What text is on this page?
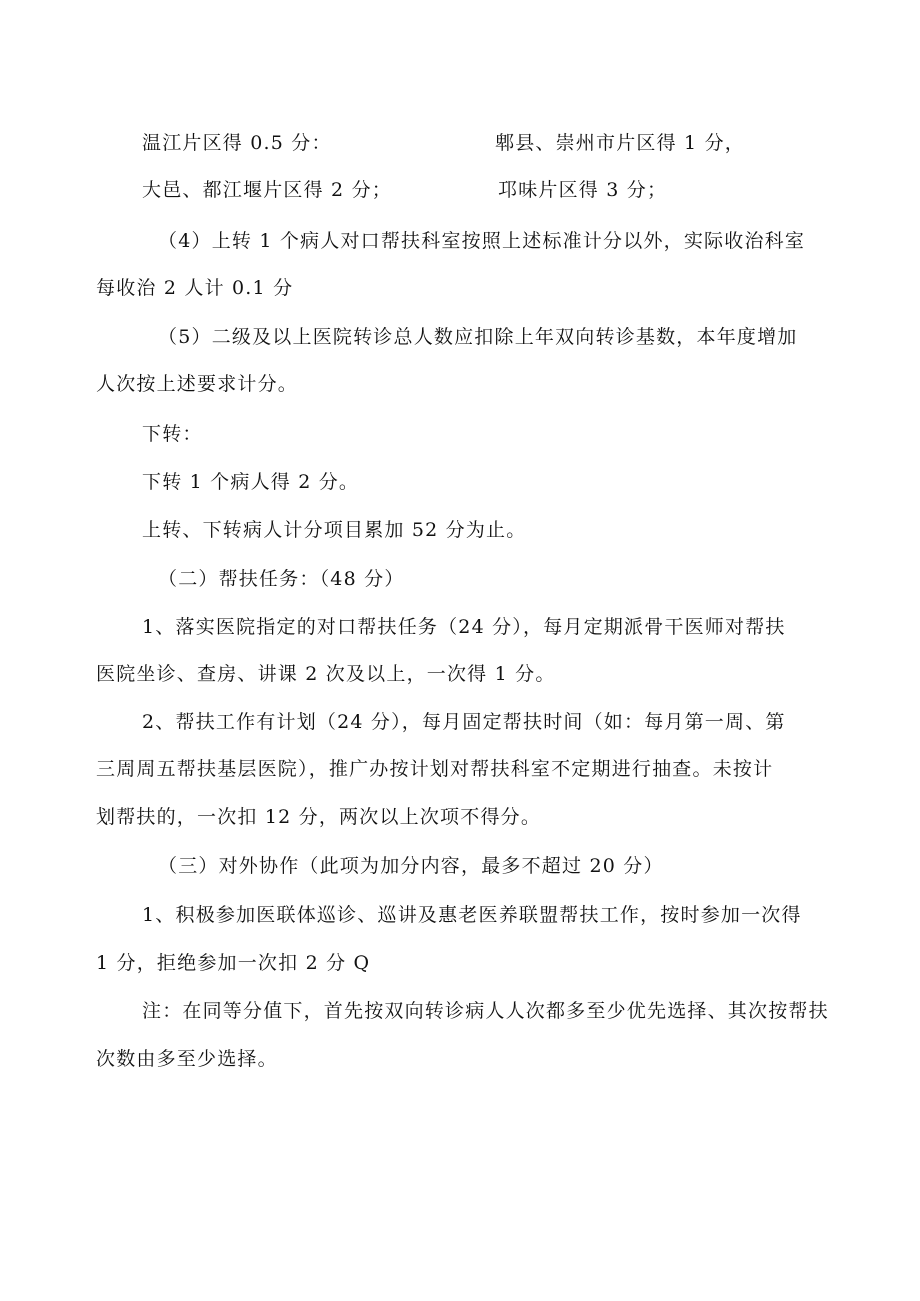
温江片区得 0.5 分：	郫县、崇州市片区得 1 分，
大邑、都江堰片区得 2 分；	邛味片区得 3 分；
（4）上转 1 个病人对口帮扶科室按照上述标准计分以外，实际收治科室
每收治 2 人计 0.1 分
（5）二级及以上医院转诊总人数应扣除上年双向转诊基数，本年度增加
人次按上述要求计分。
下转：
下转 1 个病人得 2 分。
上转、下转病人计分项目累加 52 分为止。
（二）帮扶任务：（48 分）
1、落实医院指定的对口帮扶任务（24 分），每月定期派骨干医师对帮扶
医院坐诊、查房、讲课 2 次及以上，一次得 1 分。
2、帮扶工作有计划（24 分），每月固定帮扶时间（如：每月第一周、第
三周周五帮扶基层医院），推广办按计划对帮扶科室不定期进行抽查。未按计
划帮扶的，一次扣 12 分，两次以上次项不得分。
（三）对外协作（此项为加分内容，最多不超过 20 分）
1、积极参加医联体巡诊、巡讲及惠老医养联盟帮扶工作，按时参加一次得
1 分，拒绝参加一次扣 2 分 Q
注：在同等分值下，首先按双向转诊病人人次都多至少优先选择、其次按帮扶
次数由多至少选择。
